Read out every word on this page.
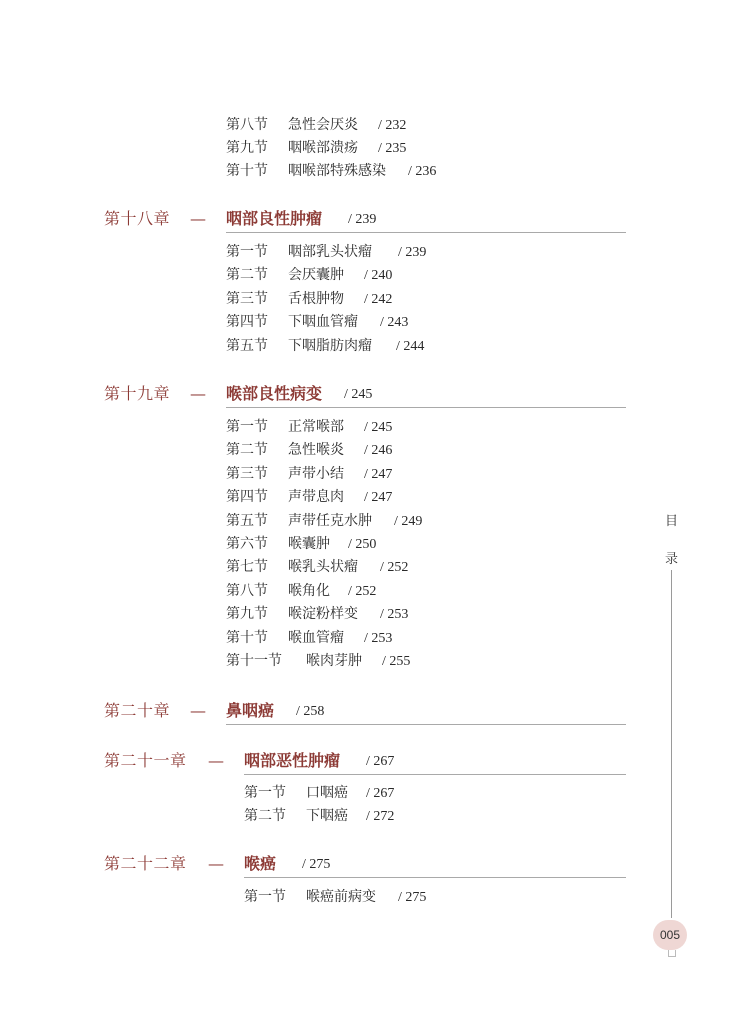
第八节 急性会厌炎 / 232
第九节 咽喉部溃疡 / 235
第十节 咽喉部特殊感染 / 236
第十八章 — 咽部良性肿瘤 / 239
第一节 咽部乳头状瘤 / 239
第二节 会厌囊肿 / 240
第三节 舌根肿物 / 242
第四节 下咽血管瘤 / 243
第五节 下咽脂肪肉瘤 / 244
第十九章 — 喉部良性病变 / 245
第一节 正常喉部 / 245
第二节 急性喉炎 / 246
第三节 声带小结 / 247
第四节 声带息肉 / 247
第五节 声带任克水肿 / 249
第六节 喉囊肿 / 250
第七节 喉乳头状瘤 / 252
第八节 喉角化 / 252
第九节 喉淀粉样变 / 253
第十节 喉血管瘤 / 253
第十一节 喉肉芽肿 / 255
第二十章 — 鼻咽癌 / 258
第二十一章 — 咽部恶性肿瘤 / 267
第一节 口咽癌 / 267
第二节 下咽癌 / 272
第二十二章 — 喉癌 / 275
第一节 喉癌前病变 / 275
目
录
005
